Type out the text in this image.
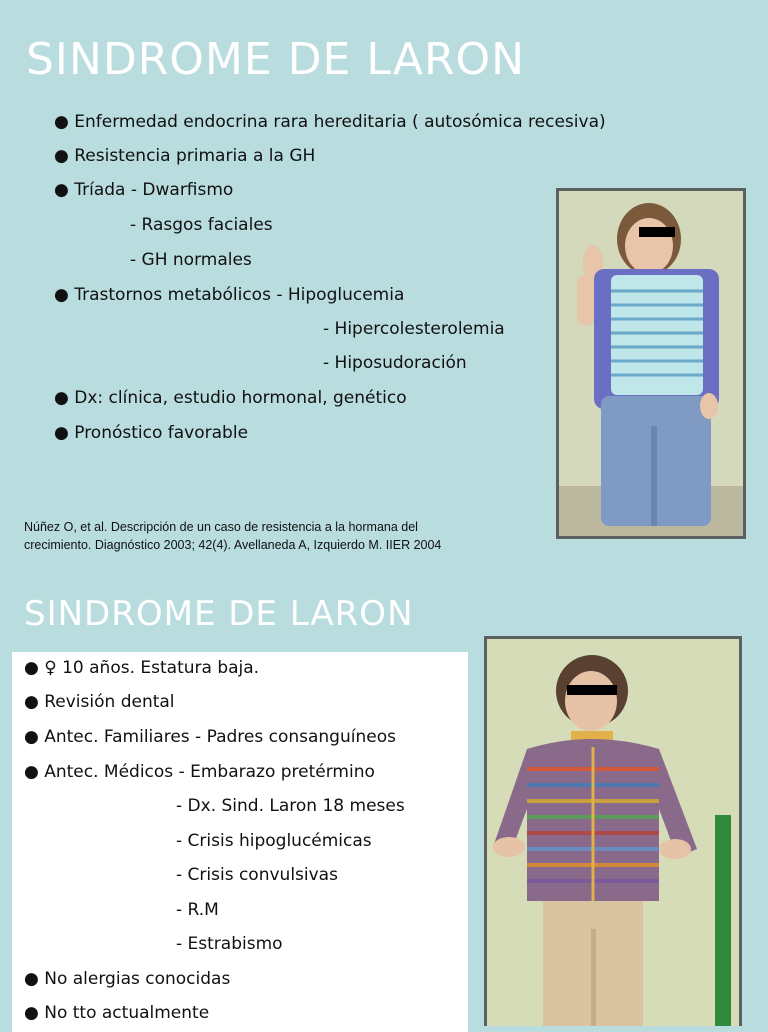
SINDROME DE LARON
● Enfermedad endocrina rara hereditaria ( autosómica recesiva)
● Resistencia primaria a la GH
● Tríada - Dwarfismo
- Rasgos faciales
- GH normales
● Trastornos metabólicos - Hipoglucemia
- Hipercolesterolemia
- Hiposudoración
● Dx: clínica, estudio hormonal, genético
● Pronóstico favorable
Núñez O, et al. Descripción de un caso de resistencia a la hormana del
crecimiento. Diagnóstico 2003; 42(4). Avellaneda A, Izquierdo M. IIER 2004
SINDROME DE LARON
● ♀ 10 años. Estatura baja.
● Revisión dental
● Antec. Familiares - Padres consanguíneos
● Antec. Médicos - Embarazo pretérmino
- Dx. Sind. Laron 18 meses
- Crisis hipoglucémicas
- Crisis convulsivas
- R.M
- Estrabismo
● No alergias conocidas
● No tto actualmente
